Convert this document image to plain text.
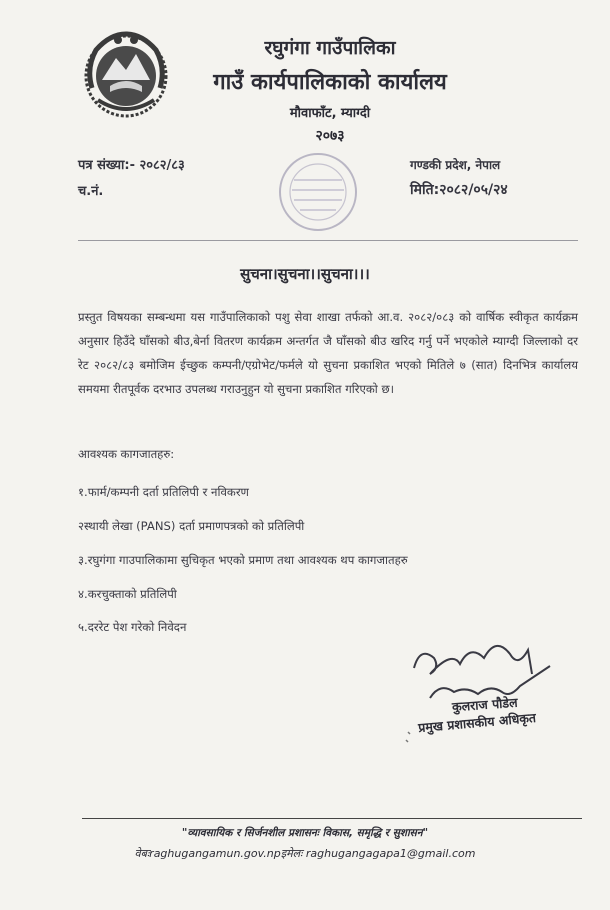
रघुगंगा गाउँपालिका
गाउँ कार्यपालिकाको कार्यालय
मौवाफाँट, म्याग्दी
२०७३
पत्र संख्या:- २०८२/८३
च.नं.
गण्डकी प्रदेश, नेपाल
मिति:२०८२/०५/२४
सुचना।सुचना।।सुचना।।।
प्रस्तुत विषयका सम्बन्धमा यस गाउँपालिकाको पशु सेवा शाखा तर्फको आ.व. २०८२/०८३ को वार्षिक स्वीकृत कार्यक्रम अनुसार हिउँदे घाँसको बीउ,बेर्ना वितरण कार्यक्रम अन्तर्गत जै घाँसको बीउ खरिद गर्नु पर्ने भएकोले म्याग्दी जिल्लाको दर रेट २०८२/८३ बमोजिम ईच्छुक कम्पनी/एग्रोभेट/फर्मले यो सुचना प्रकाशित भएको मितिले ७ (सात) दिनभित्र कार्यालय समयमा रीतपूर्वक दरभाउ उपलब्ध गराउनुहुन यो सुचना प्रकाशित गरिएको छ।
आवश्यक कागजातहरु:
१.फार्म/कम्पनी दर्ता प्रतिलिपी र नविकरण
२स्थायी लेखा (PANS) दर्ता प्रमाणपत्रको को प्रतिलिपी
३.रघुगंगा गाउपालिकामा सुचिकृत भएको प्रमाण तथा आवश्यक थप कागजातहरु
४.करचुक्ताको प्रतिलिपी
५.दररेट पेश गरेको निवेदन
कुलराज पौडेल
प्रमुख प्रशासकीय अधिकृत
"व्यावसायिक र सिर्जनशील प्रशासनः विकास, समृद्धि र सुशासन"
वेबःraghugangamun.gov.npइमेलः raghugangagapa1@gmail.com
